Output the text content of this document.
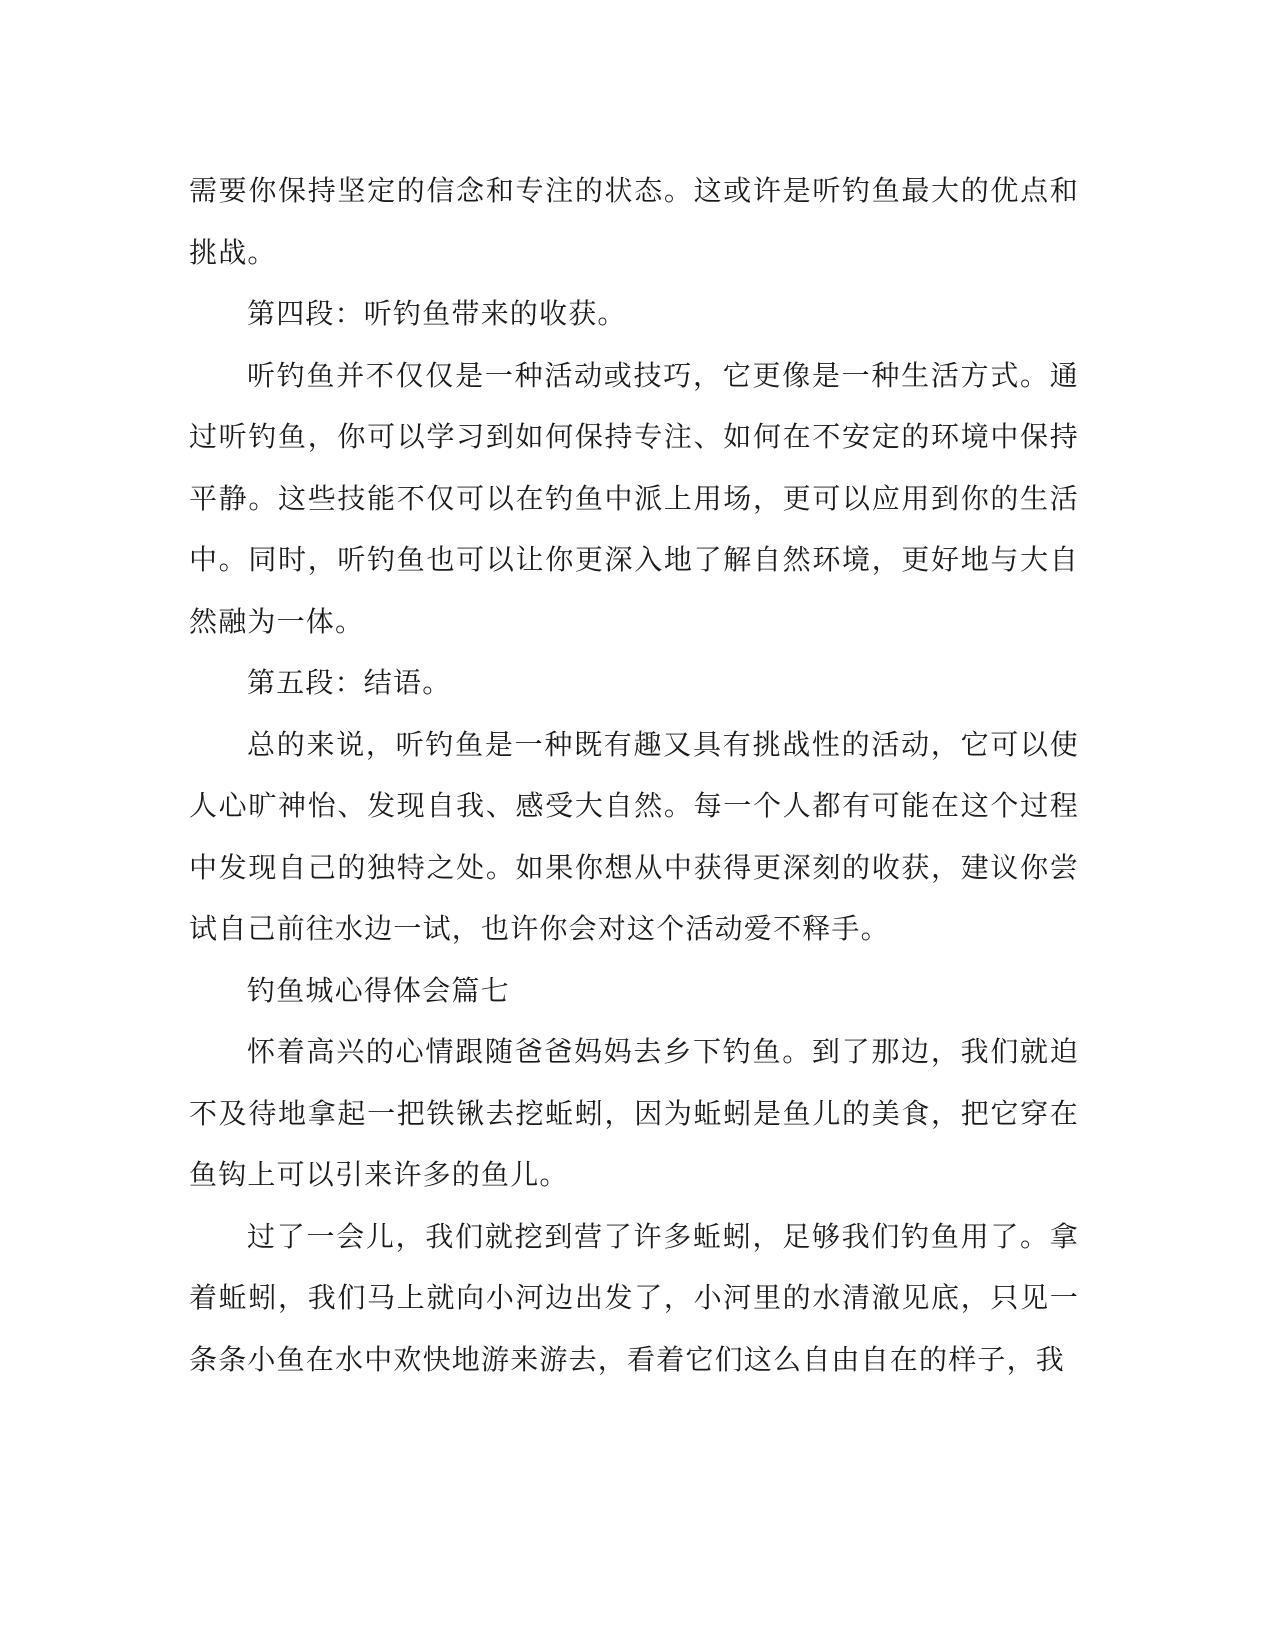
需要你保持坚定的信念和专注的状态。这或许是听钓鱼最大的优点和挑战。

第四段：听钓鱼带来的收获。

听钓鱼并不仅仅是一种活动或技巧，它更像是一种生活方式。通过听钓鱼，你可以学习到如何保持专注、如何在不安定的环境中保持平静。这些技能不仅可以在钓鱼中派上用场，更可以应用到你的生活中。同时，听钓鱼也可以让你更深入地了解自然环境，更好地与大自然融为一体。

第五段：结语。

总的来说，听钓鱼是一种既有趣又具有挑战性的活动，它可以使人心旷神怡、发现自我、感受大自然。每一个人都有可能在这个过程中发现自己的独特之处。如果你想从中获得更深刻的收获，建议你尝试自己前往水边一试，也许你会对这个活动爱不释手。

钓鱼城心得体会篇七

怀着高兴的心情跟随爸爸妈妈去乡下钓鱼。到了那边，我们就迫不及待地拿起一把铁锹去挖蚯蚓，因为蚯蚓是鱼儿的美食，把它穿在鱼钩上可以引来许多的鱼儿。

过了一会儿，我们就挖到营了许多蚯蚓，足够我们钓鱼用了。拿着蚯蚓，我们马上就向小河边出发了，小河里的水清澈见底，只见一条条小鱼在水中欢快地游来游去，看着它们这么自由自在的样子，我
